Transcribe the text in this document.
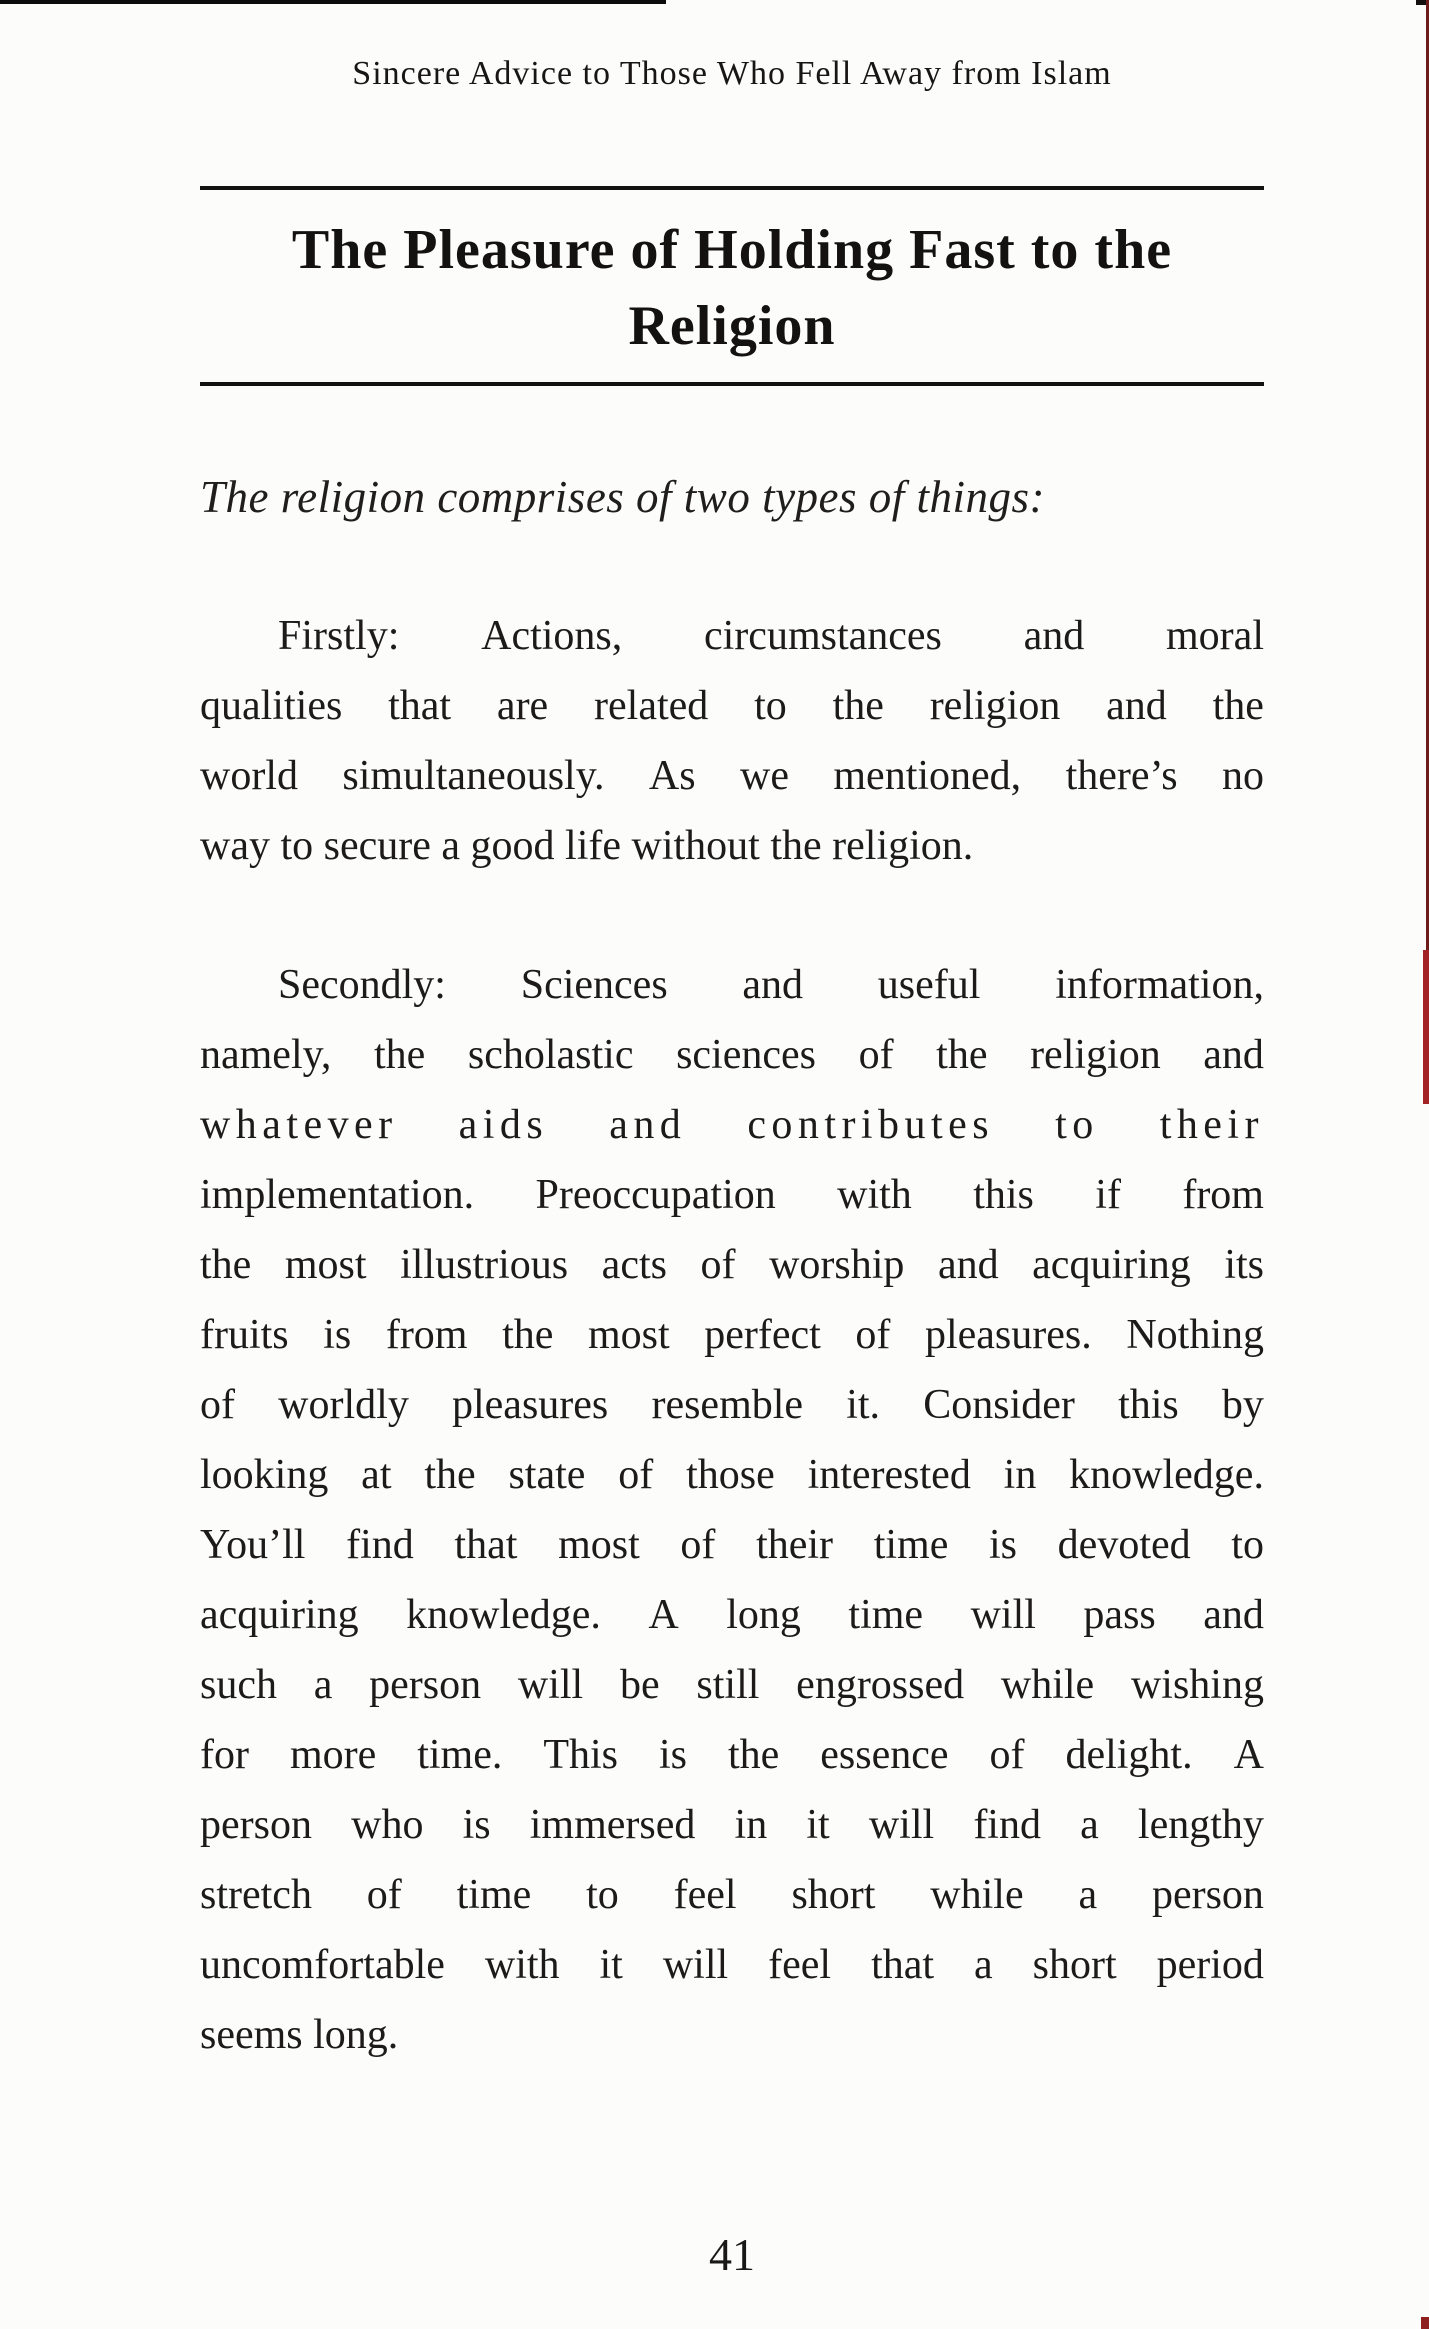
Sincere Advice to Those Who Fell Away from Islam
The Pleasure of Holding Fast to the
Religion
The religion comprises of two types of things:
Firstly: Actions, circumstances and moral
qualities that are related to the religion and the
world simultaneously. As we mentioned, there’s no
way to secure a good life without the religion.
Secondly: Sciences and useful information,
namely, the scholastic sciences of the religion and
whatever aids and contributes to their
implementation. Preoccupation with this if from
the most illustrious acts of worship and acquiring its
fruits is from the most perfect of pleasures. Nothing
of worldly pleasures resemble it. Consider this by
looking at the state of those interested in knowledge.
You’ll find that most of their time is devoted to
acquiring knowledge. A long time will pass and
such a person will be still engrossed while wishing
for more time. This is the essence of delight. A
person who is immersed in it will find a lengthy
stretch of time to feel short while a person
uncomfortable with it will feel that a short period
seems long.
41
